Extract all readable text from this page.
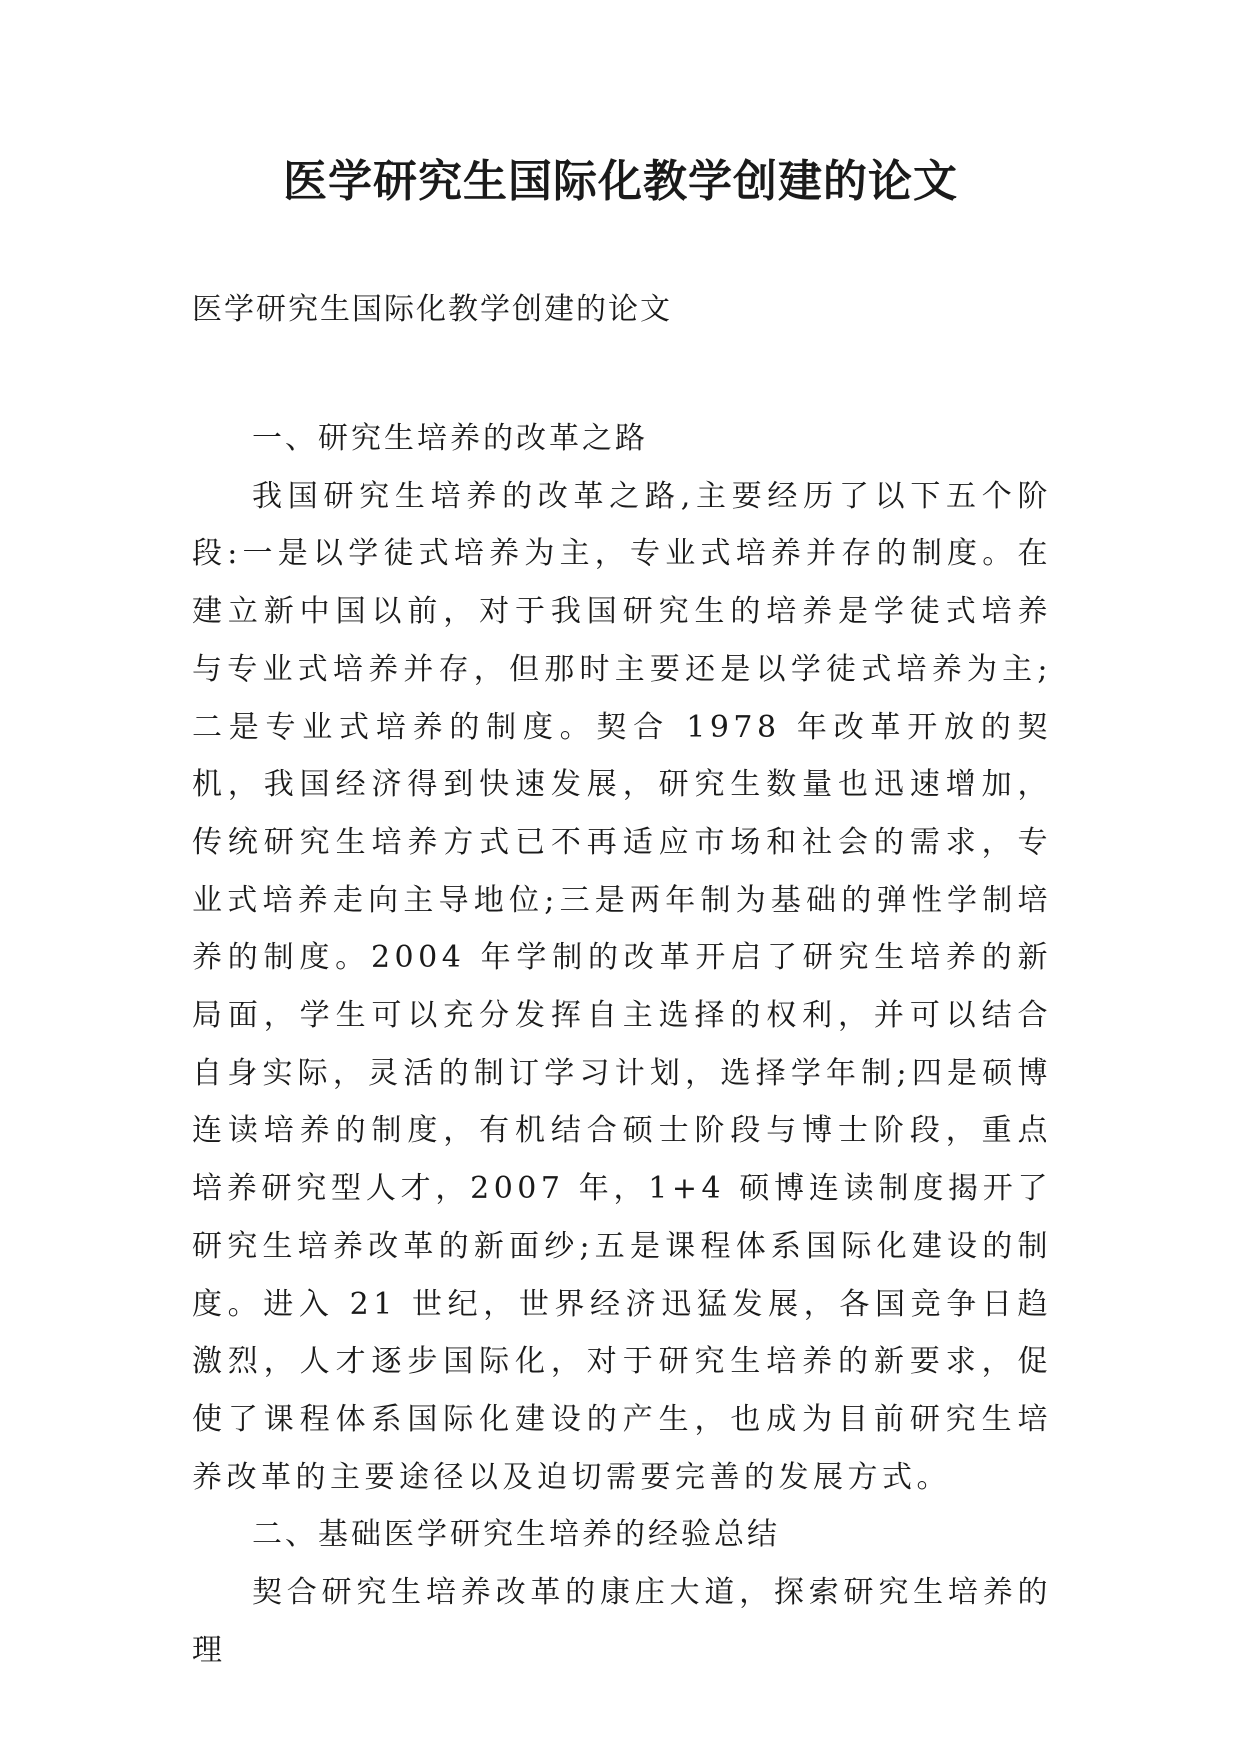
医学研究生国际化教学创建的论文

医学研究生国际化教学创建的论文

一、研究生培养的改革之路

我国研究生培养的改革之路,主要经历了以下五个阶段:一是以学徒式培养为主，专业式培养并存的制度。在建立新中国以前，对于我国研究生的培养是学徒式培养与专业式培养并存，但那时主要还是以学徒式培养为主;二是专业式培养的制度。契合 1978 年改革开放的契机，我国经济得到快速发展，研究生数量也迅速增加，传统研究生培养方式已不再适应市场和社会的需求，专业式培养走向主导地位;三是两年制为基础的弹性学制培养的制度。2004 年学制的改革开启了研究生培养的新局面，学生可以充分发挥自主选择的权利，并可以结合自身实际，灵活的制订学习计划，选择学年制;四是硕博连读培养的制度，有机结合硕士阶段与博士阶段，重点培养研究型人才，2007 年，1+4 硕博连读制度揭开了研究生培养改革的新面纱;五是课程体系国际化建设的制度。进入 21 世纪，世界经济迅猛发展，各国竞争日趋激烈，人才逐步国际化，对于研究生培养的新要求，促使了课程体系国际化建设的产生，也成为目前研究生培养改革的主要途径以及迫切需要完善的发展方式。

二、基础医学研究生培养的经验总结

契合研究生培养改革的康庄大道，探索研究生培养的理
